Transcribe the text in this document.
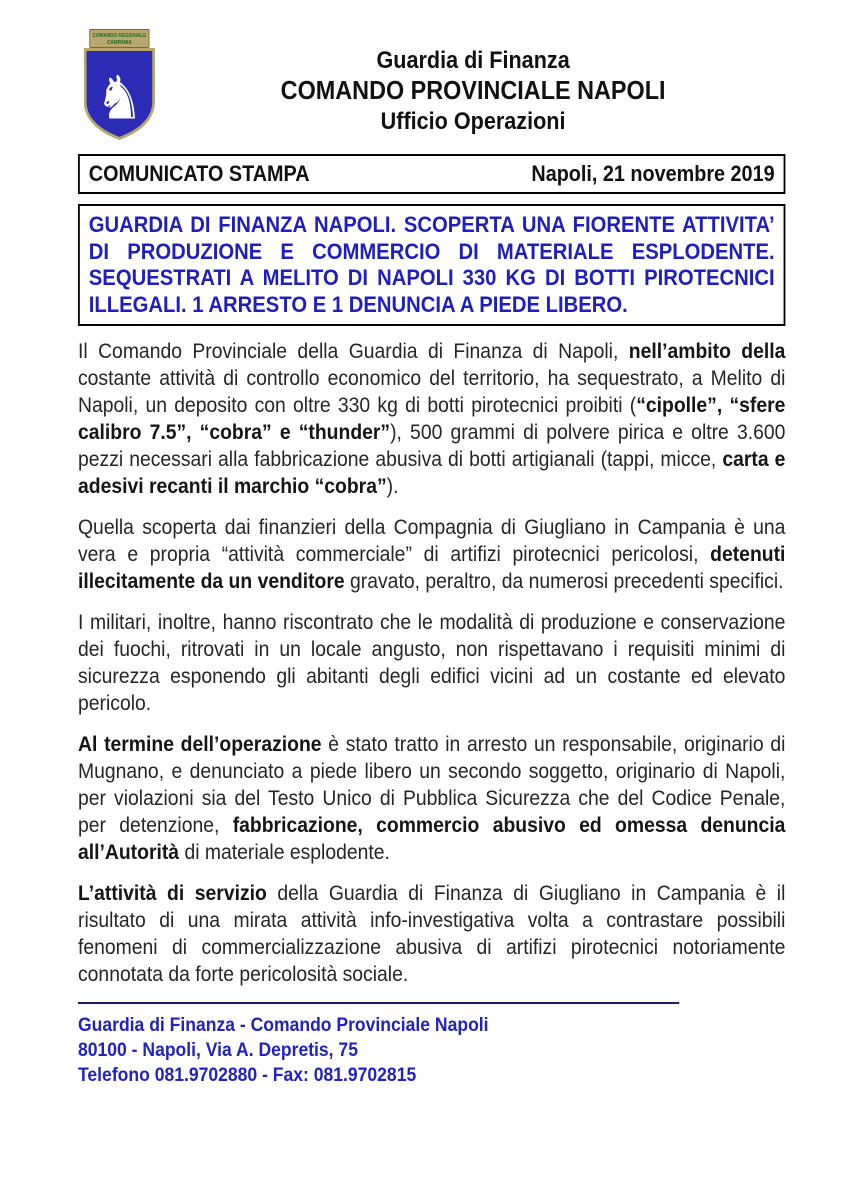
COMANDO REGIONALE
CAMPANIA
♞
Guardia di Finanza
COMANDO PROVINCIALE NAPOLI
Ufficio Operazioni
COMUNICATO STAMPA	Napoli, 21 novembre 2019

GUARDIA DI FINANZA NAPOLI. SCOPERTA UNA FIORENTE ATTIVITA’ DI PRODUZIONE E COMMERCIO DI MATERIALE ESPLODENTE. SEQUESTRATI A MELITO DI NAPOLI 330 KG DI BOTTI PIROTECNICI ILLEGALI. 1 ARRESTO E 1 DENUNCIA A PIEDE LIBERO.

Il Comando Provinciale della Guardia di Finanza di Napoli, nell’ambito della costante attività di controllo economico del territorio, ha sequestrato, a Melito di Napoli, un deposito con oltre 330 kg di botti pirotecnici proibiti (“cipolle”, “sfere calibro 7.5”, “cobra” e “thunder”), 500 grammi di polvere pirica e oltre 3.600 pezzi necessari alla fabbricazione abusiva di botti artigianali (tappi, micce, carta e adesivi recanti il marchio “cobra”).

Quella scoperta dai finanzieri della Compagnia di Giugliano in Campania è una vera e propria “attività commerciale” di artifizi pirotecnici pericolosi, detenuti illecitamente da un venditore gravato, peraltro, da numerosi precedenti specifici.

I militari, inoltre, hanno riscontrato che le modalità di produzione e conservazione dei fuochi, ritrovati in un locale angusto, non rispettavano i requisiti minimi di sicurezza esponendo gli abitanti degli edifici vicini ad un costante ed elevato pericolo.

Al termine dell’operazione è stato tratto in arresto un responsabile, originario di Mugnano, e denunciato a piede libero un secondo soggetto, originario di Napoli, per violazioni sia del Testo Unico di Pubblica Sicurezza che del Codice Penale, per detenzione, fabbricazione, commercio abusivo ed omessa denuncia all’Autorità di materiale esplodente.

L’attività di servizio della Guardia di Finanza di Giugliano in Campania è il risultato di una mirata attività info-investigativa volta a contrastare possibili fenomeni di commercializzazione abusiva di artifizi pirotecnici notoriamente connotata da forte pericolosità sociale.

Guardia di Finanza - Comando Provinciale Napoli
80100 - Napoli, Via A. Depretis, 75
Telefono 081.9702880 - Fax: 081.9702815
